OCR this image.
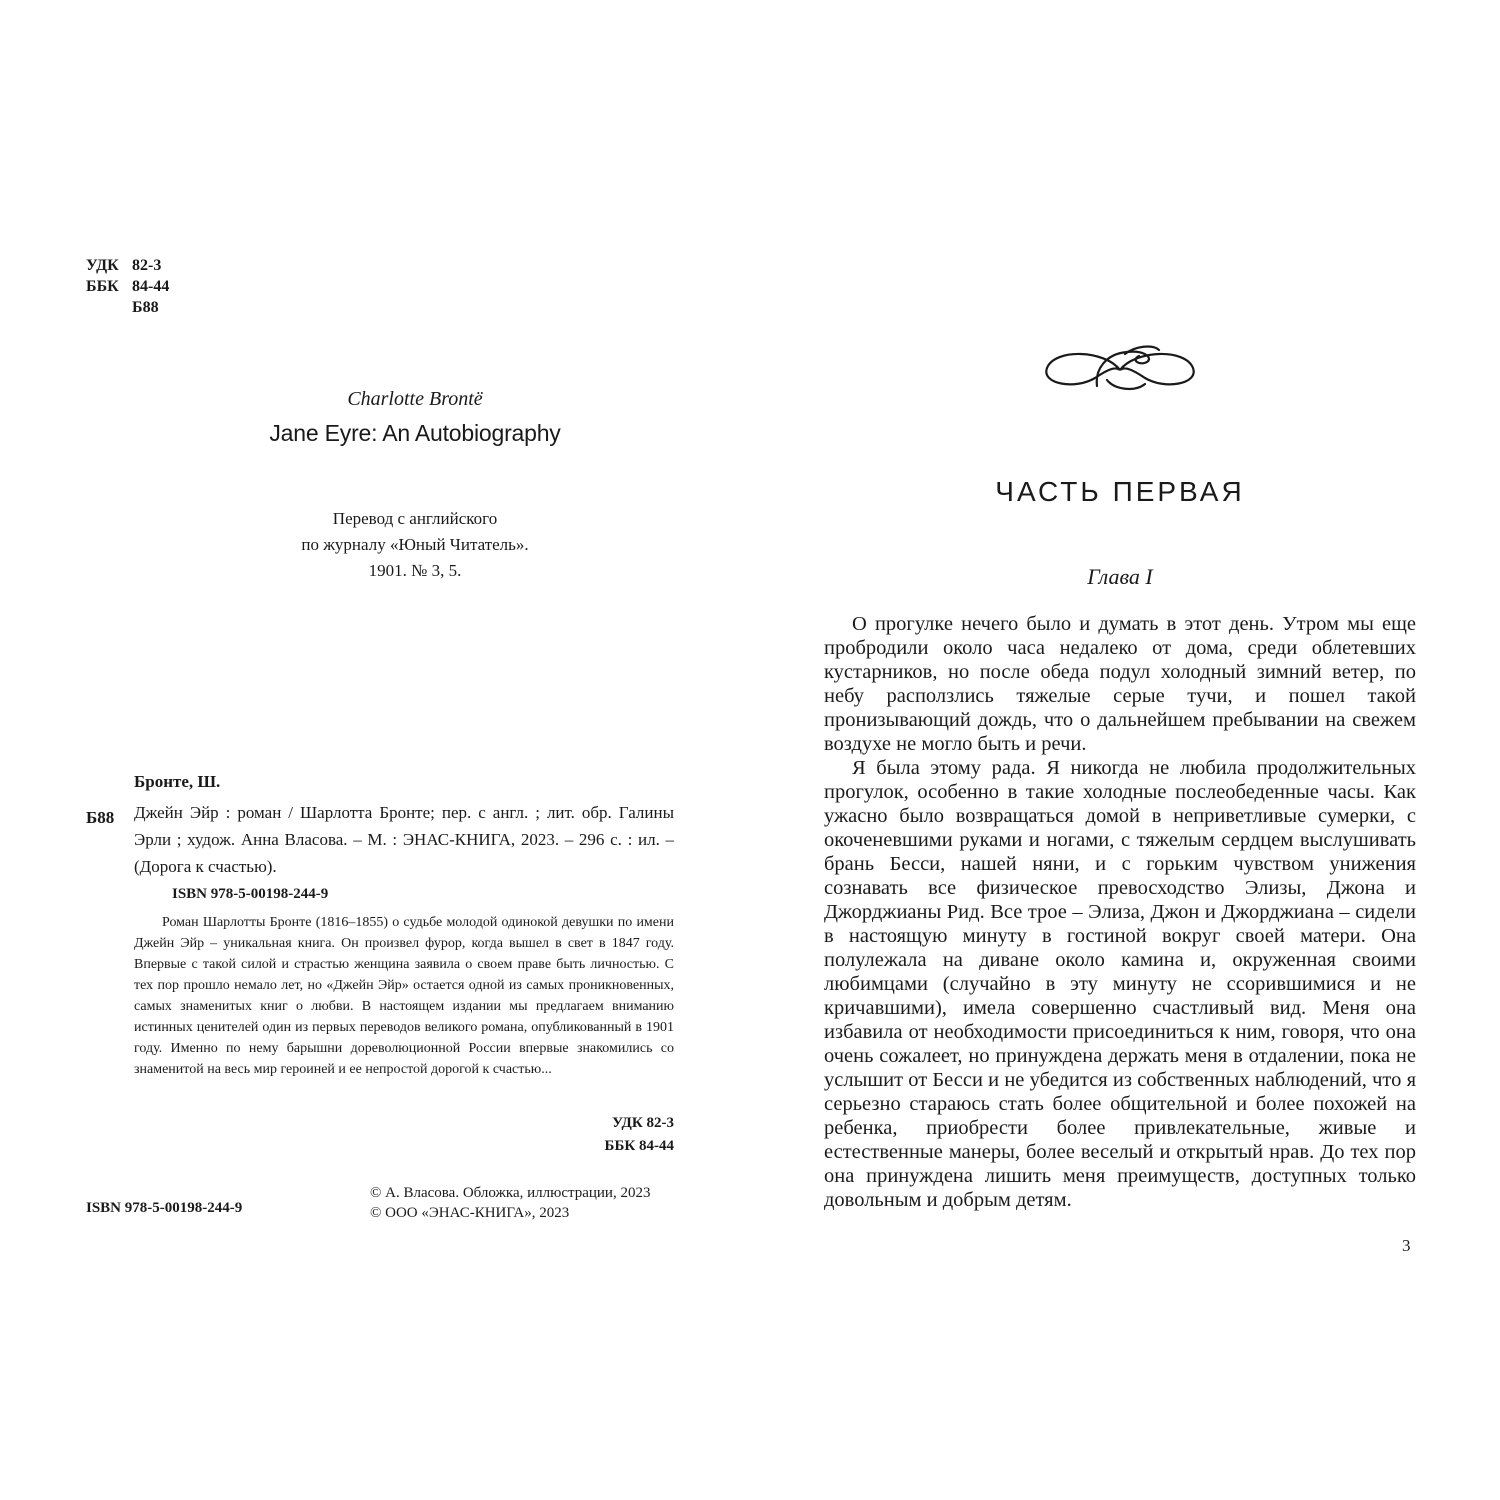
УДК 82-3
ББК 84-44
Б88
Charlotte Brontë
Jane Eyre: An Autobiography
Перевод с английского
по журналу «Юный Читатель».
1901. № 3, 5.
Бронте, Ш.
Б88 Джейн Эйр : роман / Шарлотта Бронте; пер. с англ. ; лит. обр. Галины Эрли ; худож. Анна Власова. – М. : ЭНАС-КНИГА, 2023. – 296 с. : ил. – (Дорога к счастью).
ISBN 978-5-00198-244-9

Роман Шарлотты Бронте (1816–1855) о судьбе молодой одинокой девушки по имени Джейн Эйр – уникальная книга. Он произвел фурор, когда вышел в свет в 1847 году. Впервые с такой силой и страстью женщина заявила о своем праве быть личностью. С тех пор прошло немало лет, но «Джейн Эйр» остается одной из самых проникновенных, самых знаменитых книг о любви. В настоящем издании мы предлагаем вниманию истинных ценителей один из первых переводов великого романа, опубликованный в 1901 году. Именно по нему барышни дореволюционной России впервые знакомились со знаменитой на весь мир героиней и ее непростой дорогой к счастью...

УДК 82-3
ББК 84-44
© А. Власова. Обложка, иллюстрации, 2023
© ООО «ЭНАС-КНИГА», 2023
ISBN 978-5-00198-244-9
ЧАСТЬ ПЕРВАЯ
Глава I

О прогулке нечего было и думать в этот день. Утром мы еще пробродили около часа недалеко от дома, среди облетевших кустарников, но после обеда подул холодный зимний ветер, по небу расползлись тяжелые серые тучи, и пошел такой пронизывающий дождь, что о дальнейшем пребывании на свежем воздухе не могло быть и речи.

Я была этому рада. Я никогда не любила продолжительных прогулок, особенно в такие холодные послеобеденные часы. Как ужасно было возвращаться домой в неприветливые сумерки, с окоченевшими руками и ногами, с тяжелым сердцем выслушивать брань Бесси, нашей няни, и с горьким чувством унижения сознавать все физическое превосходство Элизы, Джона и Джорджианы Рид. Все трое – Элиза, Джон и Джорджиана – сидели в настоящую минуту в гостиной вокруг своей матери. Она полулежала на диване около камина и, окруженная своими любимцами (случайно в эту минуту не ссорившимися и не кричавшими), имела совершенно счастливый вид. Меня она избавила от необходимости присоединиться к ним, говоря, что она очень сожалеет, но принуждена держать меня в отдалении, пока не услышит от Бесси и не убедится из собственных наблюдений, что я серьезно стараюсь стать более общительной и более похожей на ребенка, приобрести более привлекательные, живые и естественные манеры, более веселый и открытый нрав. До тех пор она принуждена лишить меня преимуществ, доступных только довольным и добрым детям.

3
